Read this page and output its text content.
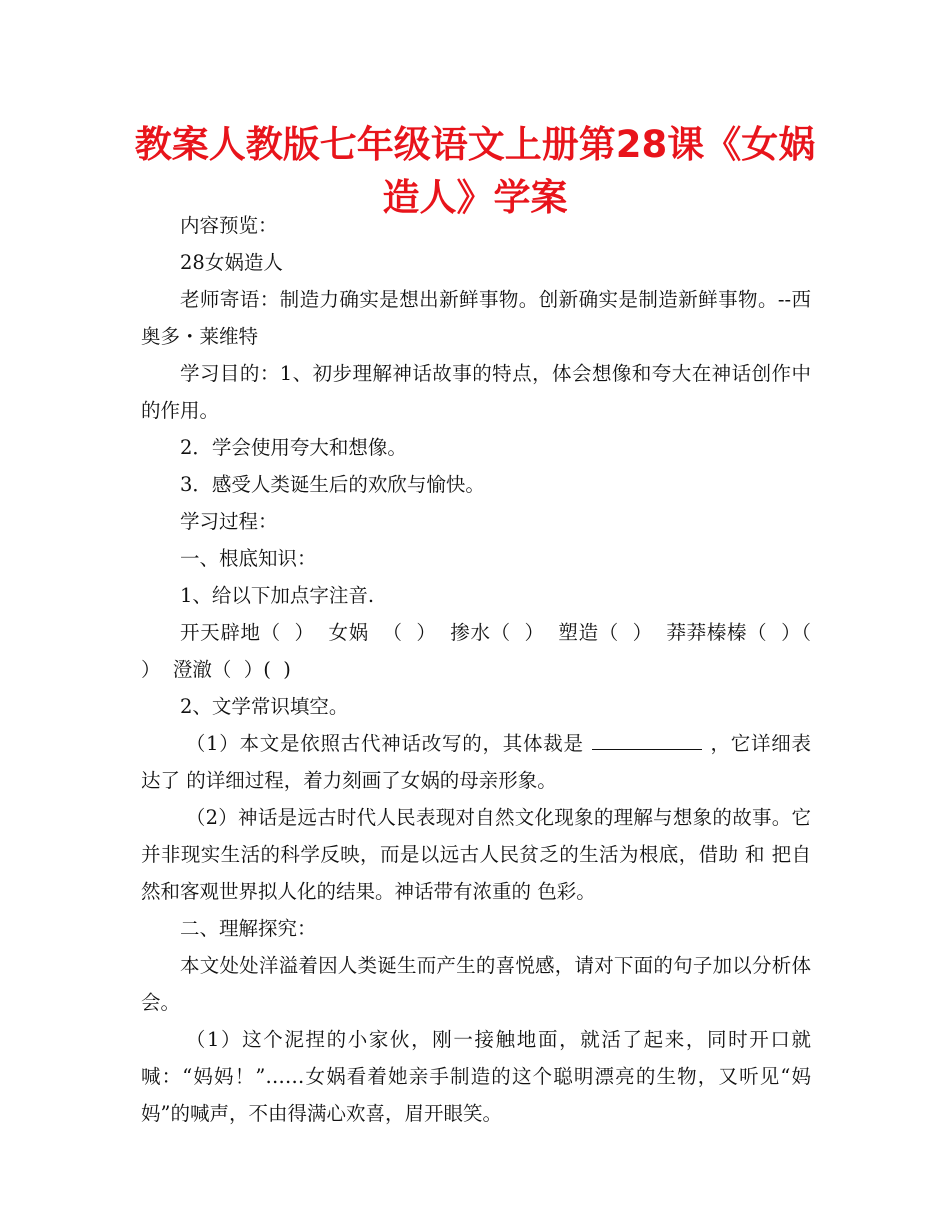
教案人教版七年级语文上册第28课《女娲
造人》学案

内容预览：

28女娲造人

老师寄语：制造力确实是想出新鲜事物。创新确实是制造新鲜事物。--西奥多・莱维特

学习目的：1、初步理解神话故事的特点，体会想像和夸大在神话创作中的作用。

2．学会使用夸大和想像。

3．感受人类诞生后的欢欣与愉快。

学习过程：

一、根底知识：

1、给以下加点字注音.

开天辟地（  ）  女娲  （  ）  掺水（  ）  塑造（  ）  莽莽榛榛（  ）（  ）  澄澈（  ）(  )

2、文学常识填空。

（1）本文是依照古代神话改写的，其体裁是	，它详细表达了 的详细过程，着力刻画了女娲的母亲形象。

（2）神话是远古时代人民表现对自然文化现象的理解与想象的故事。它并非现实生活的科学反映，而是以远古人民贫乏的生活为根底，借助 和 把自然和客观世界拟人化的结果。神话带有浓重的 色彩。

二、理解探究：

本文处处洋溢着因人类诞生而产生的喜悦感，请对下面的句子加以分析体会。

（1）这个泥捏的小家伙，刚一接触地面，就活了起来，同时开口就喊：“妈妈！”……女娲看着她亲手制造的这个聪明漂亮的生物，又听见“妈妈”的喊声，不由得满心欢喜，眉开眼笑。
